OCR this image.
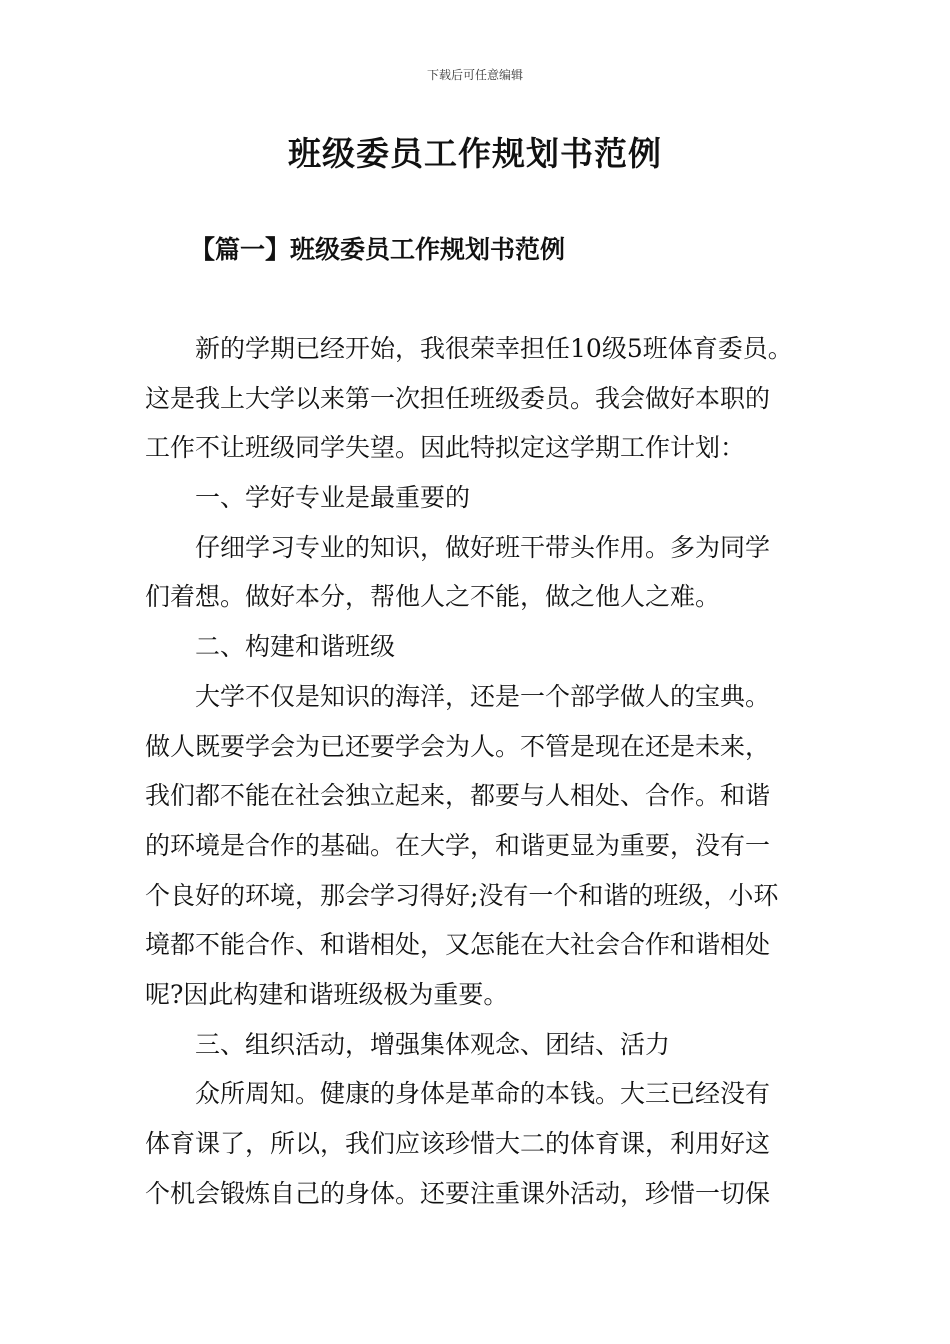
下载后可任意编辑
班级委员工作规划书范例
【篇一】班级委员工作规划书范例
新的学期已经开始，我很荣幸担任10级5班体育委员。
这是我上大学以来第一次担任班级委员。我会做好本职的
工作不让班级同学失望。因此特拟定这学期工作计划：
一、学好专业是最重要的
仔细学习专业的知识，做好班干带头作用。多为同学
们着想。做好本分，帮他人之不能，做之他人之难。
二、构建和谐班级
大学不仅是知识的海洋，还是一个部学做人的宝典。
做人既要学会为已还要学会为人。不管是现在还是未来，
我们都不能在社会独立起来，都要与人相处、合作。和谐
的环境是合作的基础。在大学，和谐更显为重要，没有一
个良好的环境，那会学习得好;没有一个和谐的班级，小环
境都不能合作、和谐相处，又怎能在大社会合作和谐相处
呢?因此构建和谐班级极为重要。
三、组织活动，增强集体观念、团结、活力
众所周知。健康的身体是革命的本钱。大三已经没有
体育课了，所以，我们应该珍惜大二的体育课，利用好这
个机会锻炼自己的身体。还要注重课外活动，珍惜一切保
